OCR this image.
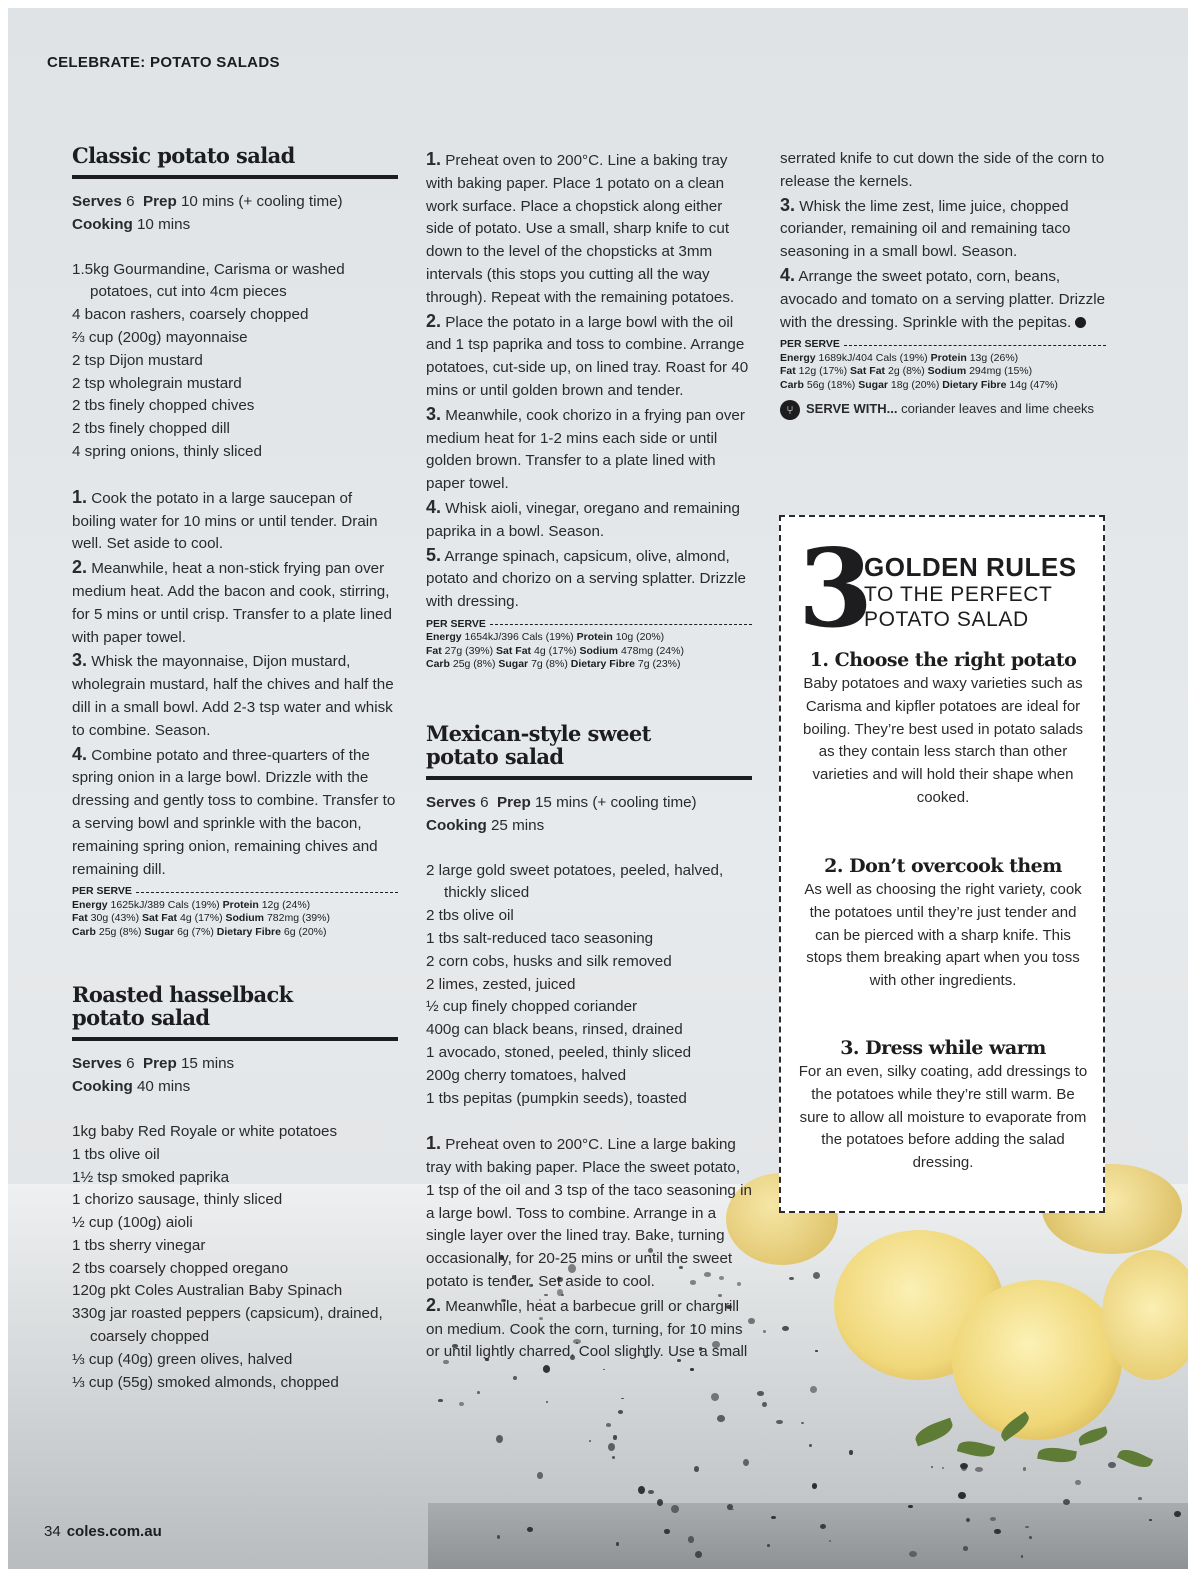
CELEBRATE: POTATO SALADS
Classic potato salad

Serves 6 Prep 10 mins (+ cooling time)

Cooking 10 mins

1.5kg Gourmandine, Carisma or washed potatoes, cut into 4cm pieces

4 bacon rashers, coarsely chopped

⅔ cup (200g) mayonnaise

2 tsp Dijon mustard

2 tsp wholegrain mustard

2 tbs finely chopped chives

2 tbs finely chopped dill

4 spring onions, thinly sliced

1. Cook the potato in a large saucepan of boiling water for 10 mins or until tender. Drain well. Set aside to cool.

2. Meanwhile, heat a non-stick frying pan over medium heat. Add the bacon and cook, stirring, for 5 mins or until crisp. Transfer to a plate lined with paper towel.

3. Whisk the mayonnaise, Dijon mustard, wholegrain mustard, half the chives and half the dill in a small bowl. Add 2-3 tsp water and whisk to combine. Season.

4. Combine potato and three-quarters of the spring onion in a large bowl. Drizzle with the dressing and gently toss to combine. Transfer to a serving bowl and sprinkle with the bacon, remaining spring onion, remaining chives and remaining dill.

PER SERVE
Energy 1625kJ/389 Cals (19%) Protein 12g (24%)
Fat 30g (43%) Sat Fat 4g (17%) Sodium 782mg (39%)
Carb 25g (8%) Sugar 6g (7%) Dietary Fibre 6g (20%)
Roasted hasselback
potato salad

Serves 6 Prep 15 mins

Cooking 40 mins

1kg baby Red Royale or white potatoes

1 tbs olive oil

1½ tsp smoked paprika

1 chorizo sausage, thinly sliced

½ cup (100g) aioli

1 tbs sherry vinegar

2 tbs coarsely chopped oregano

120g pkt Coles Australian Baby Spinach

330g jar roasted peppers (capsicum), drained, coarsely chopped

⅓ cup (40g) green olives, halved

⅓ cup (55g) smoked almonds, chopped

1. Preheat oven to 200°C. Line a baking tray with baking paper. Place 1 potato on a clean work surface. Place a chopstick along either side of potato. Use a small, sharp knife to cut down to the level of the chopsticks at 3mm intervals (this stops you cutting all the way through). Repeat with the remaining potatoes.

2. Place the potato in a large bowl with the oil and 1 tsp paprika and toss to combine. Arrange potatoes, cut-side up, on lined tray. Roast for 40 mins or until golden brown and tender.

3. Meanwhile, cook chorizo in a frying pan over medium heat for 1-2 mins each side or until golden brown. Transfer to a plate lined with paper towel.

4. Whisk aioli, vinegar, oregano and remaining paprika in a bowl. Season.

5. Arrange spinach, capsicum, olive, almond, potato and chorizo on a serving splatter. Drizzle with dressing.

PER SERVE
Energy 1654kJ/396 Cals (19%) Protein 10g (20%)
Fat 27g (39%) Sat Fat 4g (17%) Sodium 478mg (24%)
Carb 25g (8%) Sugar 7g (8%) Dietary Fibre 7g (23%)
Mexican-style sweet
potato salad

Serves 6 Prep 15 mins (+ cooling time)

Cooking 25 mins

2 large gold sweet potatoes, peeled, halved, thickly sliced

2 tbs olive oil

1 tbs salt-reduced taco seasoning

2 corn cobs, husks and silk removed

2 limes, zested, juiced

½ cup finely chopped coriander

400g can black beans, rinsed, drained

1 avocado, stoned, peeled, thinly sliced

200g cherry tomatoes, halved

1 tbs pepitas (pumpkin seeds), toasted

1. Preheat oven to 200°C. Line a large baking tray with baking paper. Place the sweet potato, 1 tsp of the oil and 3 tsp of the taco seasoning in a large bowl. Toss to combine. Arrange in a single layer over the lined tray. Bake, turning occasionally, for 20-25 mins or until the sweet potato is tender. Set aside to cool.

2. Meanwhile, heat a barbecue grill or chargrill on medium. Cook the corn, turning, for 10 mins or until lightly charred. Cool slightly. Use a small

serrated knife to cut down the side of the corn to release the kernels.

3. Whisk the lime zest, lime juice, chopped coriander, remaining oil and remaining taco seasoning in a small bowl. Season.

4. Arrange the sweet potato, corn, beans, avocado and tomato on a serving platter. Drizzle with the dressing. Sprinkle with the pepitas.

PER SERVE
Energy 1689kJ/404 Cals (19%) Protein 13g (26%)
Fat 12g (17%) Sat Fat 2g (8%) Sodium 294mg (15%)
Carb 56g (18%) Sugar 18g (20%) Dietary Fibre 14g (47%)
⑂ SERVE WITH... coriander leaves and lime cheeks
3
GOLDEN RULES
TO THE PERFECT
POTATO SALAD
1. Choose the right potato
Baby potatoes and waxy varieties such as Carisma and kipfler potatoes are ideal for boiling. They’re best used in potato salads as they contain less starch than other varieties and will hold their shape when cooked.
2. Don’t overcook them
As well as choosing the right variety, cook the potatoes until they’re just tender and can be pierced with a sharp knife. This stops them breaking apart when you toss with other ingredients.
3. Dress while warm
For an even, silky coating, add dressings to the potatoes while they’re still warm. Be sure to allow all moisture to evaporate from the potatoes before adding the salad dressing.
34 coles.com.au
